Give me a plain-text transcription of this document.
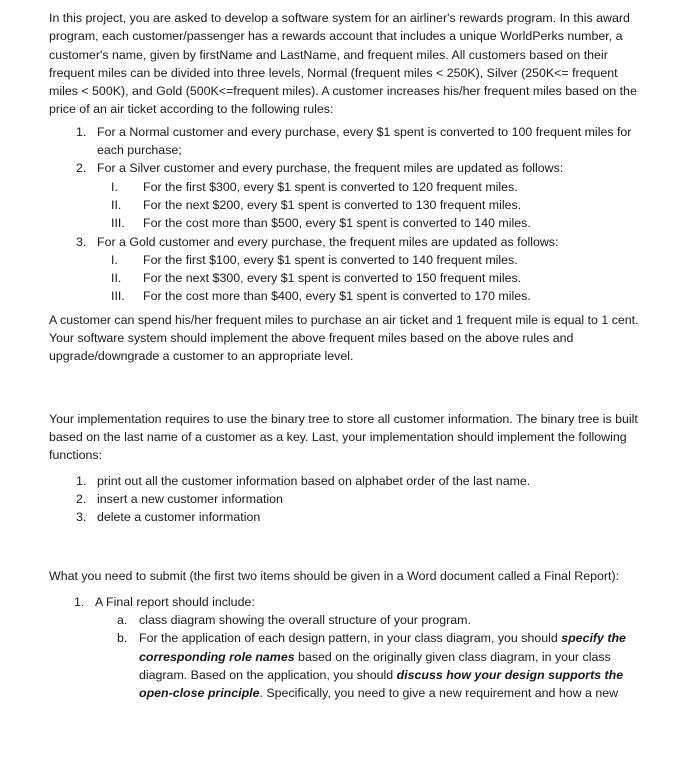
In this project, you are asked to develop a software system for an airliner's rewards program. In this award program, each customer/passenger has a rewards account that includes a unique WorldPerks number, a customer's name, given by firstName and LastName, and frequent miles. All customers based on their frequent miles can be divided into three levels, Normal (frequent miles < 250K), Silver (250K<= frequent miles < 500K), and Gold (500K<=frequent miles). A customer increases his/her frequent miles based on the price of an air ticket according to the following rules:

1. For a Normal customer and every purchase, every $1 spent is converted to 100 frequent miles for each purchase;
2. For a Silver customer and every purchase, the frequent miles are updated as follows:
I. For the first $300, every $1 spent is converted to 120 frequent miles.
II. For the next $200, every $1 spent is converted to 130 frequent miles.
III. For the cost more than $500, every $1 spent is converted to 140 miles.
3. For a Gold customer and every purchase, the frequent miles are updated as follows:
I. For the first $100, every $1 spent is converted to 140 frequent miles.
II. For the next $300, every $1 spent is converted to 150 frequent miles.
III. For the cost more than $400, every $1 spent is converted to 170 miles.

A customer can spend his/her frequent miles to purchase an air ticket and 1 frequent mile is equal to 1 cent. Your software system should implement the above frequent miles based on the above rules and upgrade/downgrade a customer to an appropriate level.

Your implementation requires to use the binary tree to store all customer information. The binary tree is built based on the last name of a customer as a key. Last, your implementation should implement the following functions:

1. print out all the customer information based on alphabet order of the last name.
2. insert a new customer information
3. delete a customer information

What you need to submit (the first two items should be given in a Word document called a Final Report):

1. A Final report should include:
a. class diagram showing the overall structure of your program.
b. For the application of each design pattern, in your class diagram, you should specify the corresponding role names based on the originally given class diagram, in your class diagram. Based on the application, you should discuss how your design supports the open-close principle. Specifically, you need to give a new requirement and how a new
